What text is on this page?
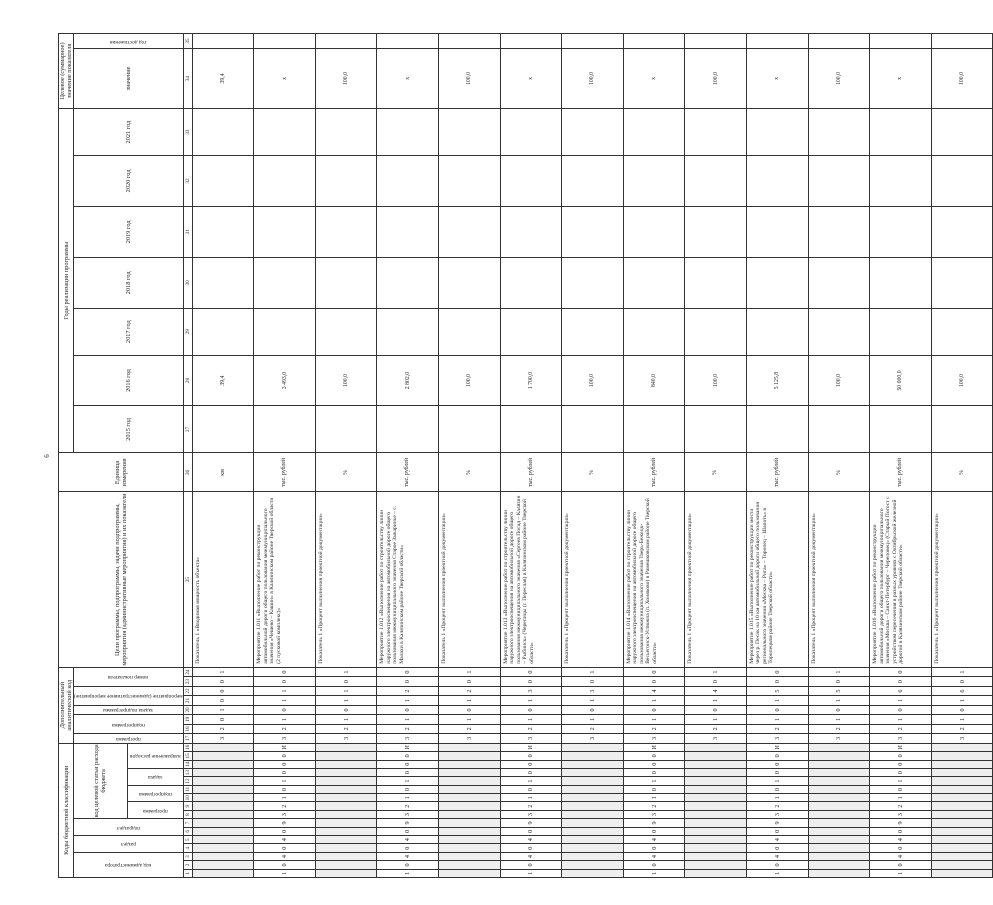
6
Коды бюджетной классификации																Дополнительный аналитический код								Цели программы, подпрограммы, задачи подпрограммы, мероприятия (административные мероприятия) и их показатели	Единица измерения	Годы реализации программы							Целевое (суммарное) значение показателя	

код администратора			раздел		подраздел		код целевой статьи расхода бюджета									программа	подпрограмма		задача подпрограммы	мероприятие (административное мероприятие)		номер показателя				2015 год	2016 год	2017 год	2018 год	2019 год	2020 год	2021 год	значение	год достижения

							программа		подпрограмма		задача		направление расходов																					

1	2	3	4	5	6	7	8	9	10	11	12	13	14	15	16	17	18	19	20	21	22	23	24	25	26	27	28	29	30	31	32	33	34	35
																3	2	0	1	0	0	0	1	Показатель 1 «Вводимая мощность объекта»	км		39,4						39,4	
1	0	4	0	4	0	9	3	2	1	0	1	0	0	0	И	3	2	1	0	1	1	0	0	Мероприятие 1.011 «Выполнение работ по реконструкции автомобильной дороги общего пользования межмуниципального значения «Чешево – Кашин» в Калязинском районе Тверской области (2 пусковой комплекс)»	тыс. рублей		3 493,0						х	
																3	2	1	0	1	1	0	1	Показатель 1 «Процент выполнения проектной документации»	%		100,0						100,0	
1	0	4	0	4	0	9	3	2	1	0	1	0	0	0	И	3	2	1	0	1	2	0	0	Мероприятие 1.012 «Выполнение работ по строительству линии наружного электроосвещения на автомобильной дороге общего пользования межмуниципального значения Старое Зажаринье – с. Малахи в Калязинском районе Тверской области»	тыс. рублей		2 802,0						х	
																3	2	1	0	1	2	0	1	Показатель 1 «Процент выполнения проектной документации»	%		100,0						100,0	
1	0	4	0	4	0	9	3	2	1	0	1	0	0	0	И	3	2	1	0	1	3	0	0	Мероприятие 1.013 «Выполнение работ по строительству линии наружного электроосвещения на автомобильной дороге общего пользования межмуниципального значения «Сергеев Посад – Калязин – Рыбинск» (Черепицы (г. Переслав) в Калязинском районе Тверской области»	тыс. рублей		1 700,0						х	
																3	2	1	0	1	3	0	1	Показатель 1 «Процент выполнения проектной документации»	%		100,0						100,0	
1	0	4	0	4	0	9	3	2	1	0	1	0	0	0	И	3	2	1	0	1	4	0	0	Мероприятие 1.014 «Выполнение работ по строительству линии наружного электроосвещения на автомобильной дороге общего пользования межмуниципального значения Тверь-Бежецк-Весьегонск-Устюжна (п. Хоняково) в Рамешковском районе Тверской области»	тыс. рублей		840,0						х	
																3	2	1	0	1	4	0	1	Показатель 1 «Процент выполнения проектной документации»	%		100,0						100,0	
1	0	4	0	4	0	9	3	2	1	0	1	0	0	0	И	3	2	1	0	1	5	0	0	Мероприятие 1.015 «Выполнение работ по реконструкции моста через р. Песик на 10 км автомобильной дороги общего пользования регионального значения «Москва – Рига» – Торопец – Шапоть» в Торопецком районе Тверской области»	тыс. рублей		5 125,8						х	
																3	2	1	0	1	5	0	1	Показатель 1 «Процент выполнения проектной документации»	%		100,0						100,0	
1	0	4	0	4	0	9	3	2	1	0	1	0	0	0	И	3	2	1	0	1	6	0	0	Мероприятие 1.016 «Выполнение работ по реконструкции автомобильной дороги общего пользования межмуниципального значения «Москва – Санкт-Петербург – Череповец» (Старый Погост с устройством пересечения в разных уровнях с Октябрьской железной дорогой в Калязинском районе Тверской области»	тыс. рублей		50 000,0						х	
																3	2	1	0	1	6	0	1	Показатель 1 «Процент выполнения проектной документации»	%		100,0						100,0	
